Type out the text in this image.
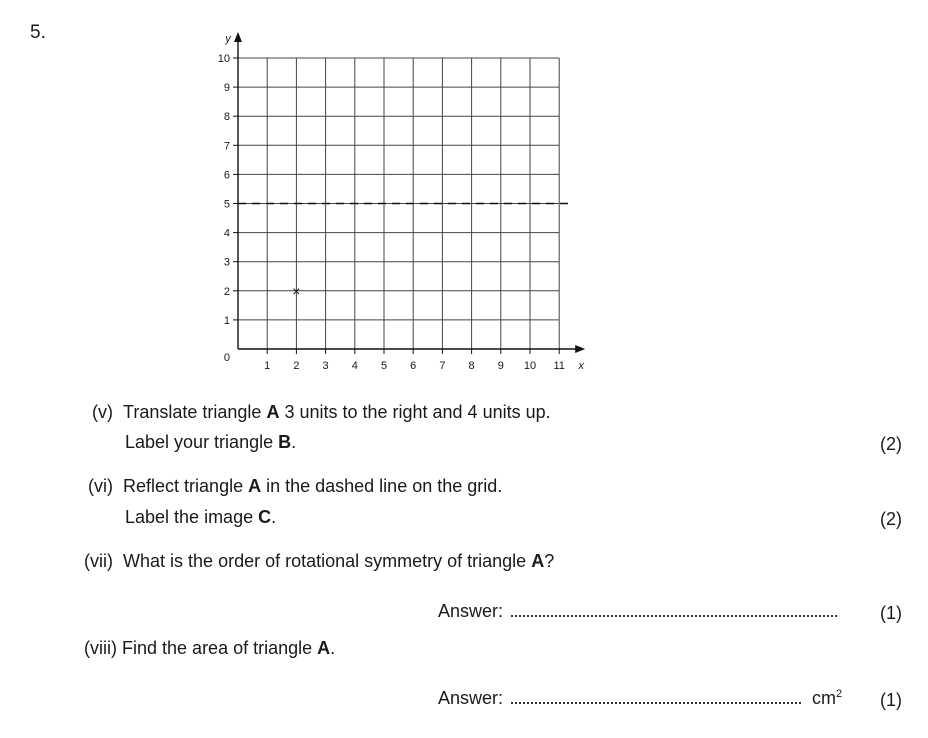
5.
1 2 3 4 5 6 7 8 9 10 11
1
2
3
4
5
6
7
8
9
10
0
x
y
×
(v) Translate triangle A 3 units to the right and 4 units up.
Label your triangle B.	(2)
(vi) Reflect triangle A in the dashed line on the grid.
Label the image C.	(2)
(vii) What is the order of rotational symmetry of triangle A?
Answer:	(1)
(viii) Find the area of triangle A.
Answer:	$cm^2$ (1)
